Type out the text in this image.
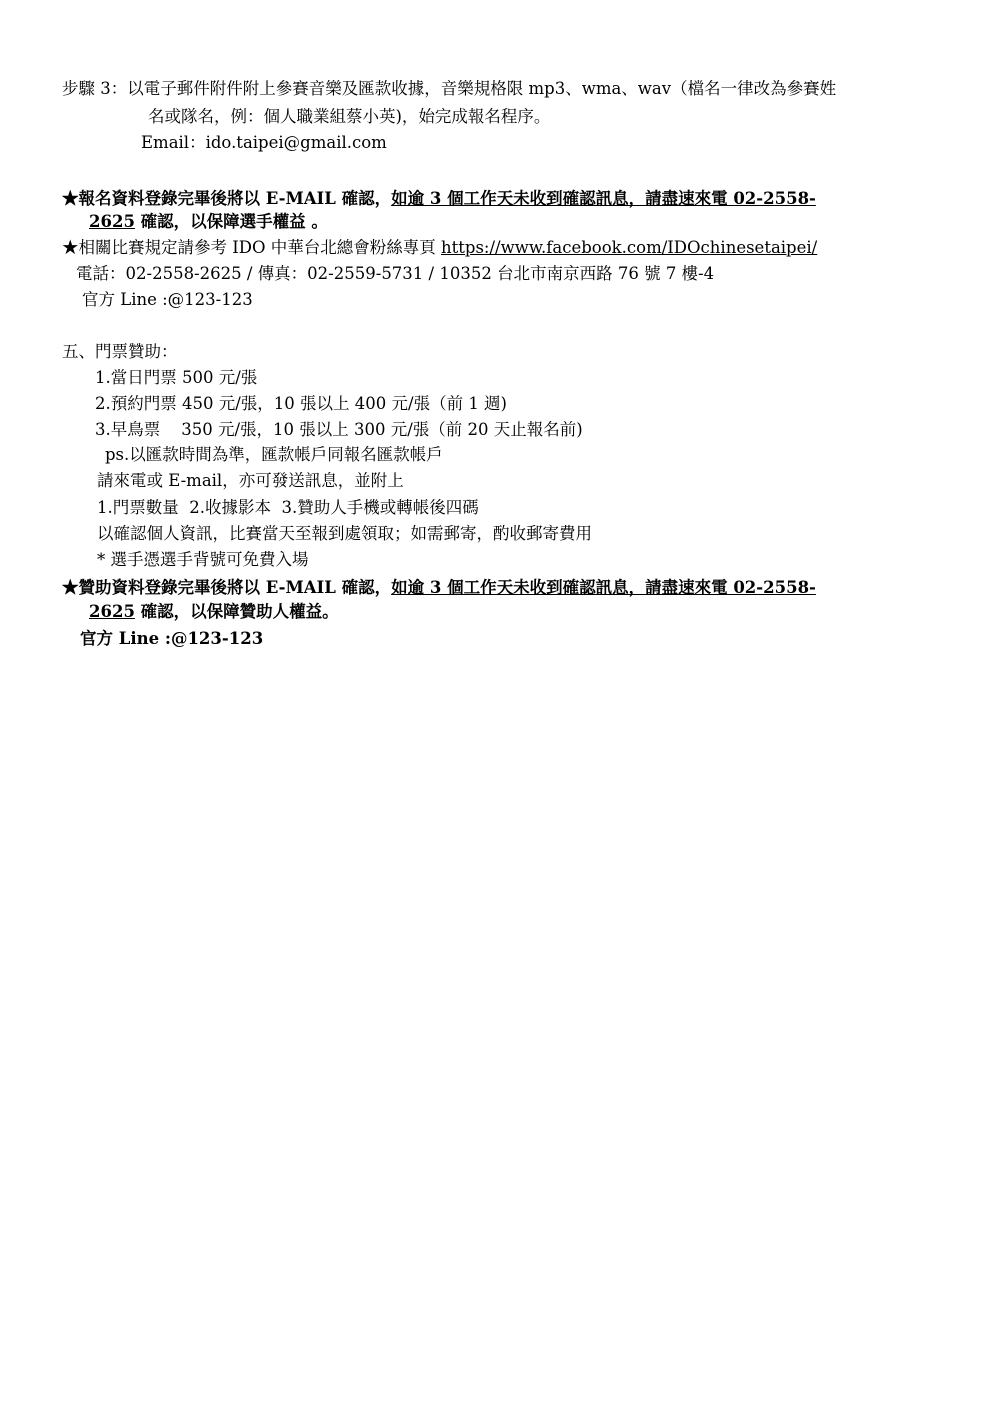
步驟 3：以電子郵件附件附上參賽音樂及匯款收據，音樂規格限 mp3、wma、wav（檔名一律改為參賽姓
名或隊名，例：個人職業組蔡小英)，始完成報名程序。
Email：ido.taipei@gmail.com
★報名資料登錄完畢後將以 E-MAIL 確認，如逾 3 個工作天未收到確認訊息，請盡速來電 02-2558-
2625 確認，以保障選手權益 。
★相關比賽規定請參考 IDO 中華台北總會粉絲專頁 https://www.facebook.com/IDOchinesetaipei/
電話：02-2558-2625 / 傳真：02-2559-5731 / 10352 台北市南京西路 76 號 7 樓-4
官方 Line :@123-123
五、門票贊助：
1.當日門票 500 元/張
2.預約門票 450 元/張，10 張以上 400 元/張（前 1 週)
3.早鳥票    350 元/張，10 張以上 300 元/張（前 20 天止報名前)
ps.以匯款時間為準，匯款帳戶同報名匯款帳戶
請來電或 E-mail，亦可發送訊息，並附上
1.門票數量  2.收據影本  3.贊助人手機或轉帳後四碼
以確認個人資訊，比賽當天至報到處領取；如需郵寄，酌收郵寄費用
* 選手憑選手背號可免費入場
★贊助資料登錄完畢後將以 E-MAIL 確認，如逾 3 個工作天未收到確認訊息，請盡速來電 02-2558-
2625 確認，以保障贊助人權益。
官方 Line :@123-123
